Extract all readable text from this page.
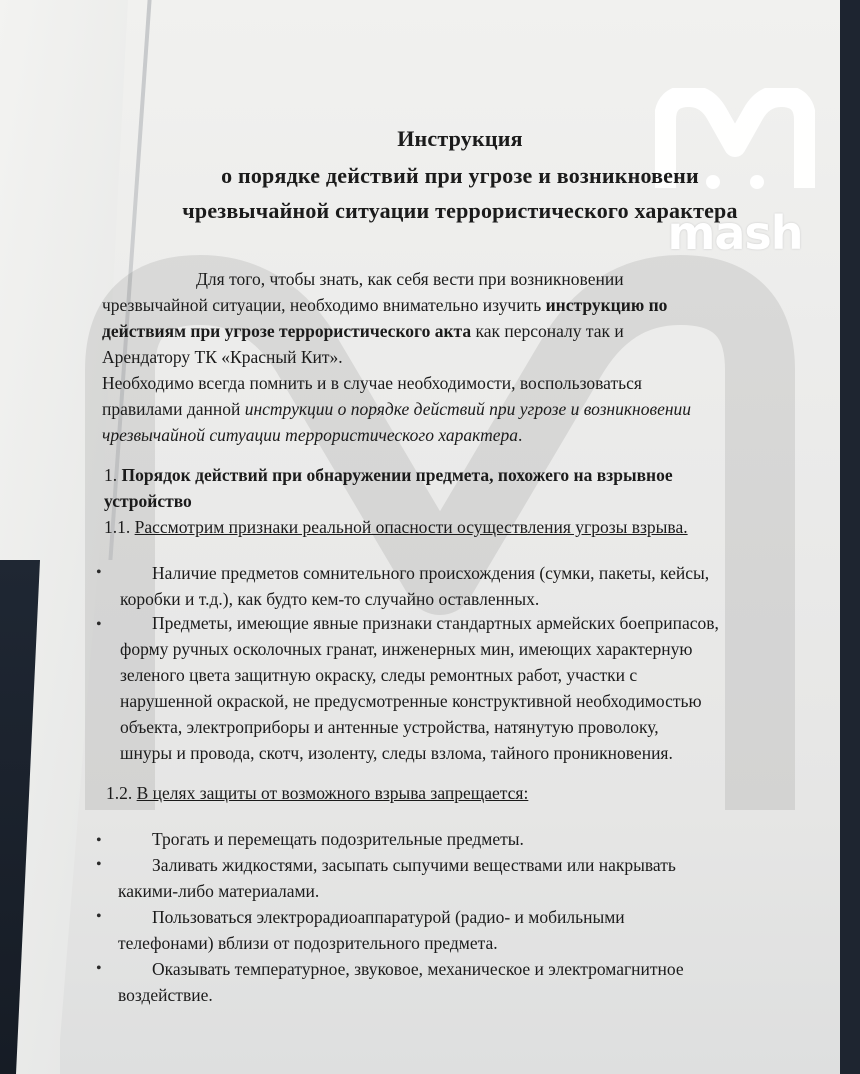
mash
Инструкция
о порядке действий при угрозе и возникновени
чрезвычайной ситуации террористического характера
Для того, чтобы знать, как себя вести при возникновении
чрезвычайной ситуации, необходимо внимательно изучить инструкцию по
действиям при угрозе террористического акта как персоналу так и
Арендатору ТК «Красный Кит».
Необходимо всегда помнить и в случае необходимости, воспользоваться
правилами данной инструкции о порядке действий при угрозе и возникновении
чрезвычайной ситуации террористического характера.
1. Порядок действий при обнаружении предмета, похожего на взрывное
устройство
1.1. Рассмотрим признаки реальной опасности осуществления угрозы взрыва.
•	Наличие предметов сомнительного происхождения (сумки, пакеты, кейсы,
коробки и т.д.), как будто кем-то случайно оставленных.
•	Предметы, имеющие явные признаки стандартных армейских боеприпасов,
форму ручных осколочных гранат, инженерных мин, имеющих характерную
зеленого цвета защитную окраску, следы ремонтных работ, участки с
нарушенной окраской, не предусмотренные конструктивной необходимостью
объекта, электроприборы и антенные устройства, натянутую проволоку,
шнуры и провода, скотч, изоленту, следы взлома, тайного проникновения.
1.2. В целях защиты от возможного взрыва запрещается:
•	Трогать и перемещать подозрительные предметы.
•	Заливать жидкостями, засыпать сыпучими веществами или накрывать
какими-либо материалами.
•	Пользоваться электрорадиоаппаратурой (радио- и мобильными
телефонами) вблизи от подозрительного предмета.
•	Оказывать температурное, звуковое, механическое и электромагнитное
воздействие.
